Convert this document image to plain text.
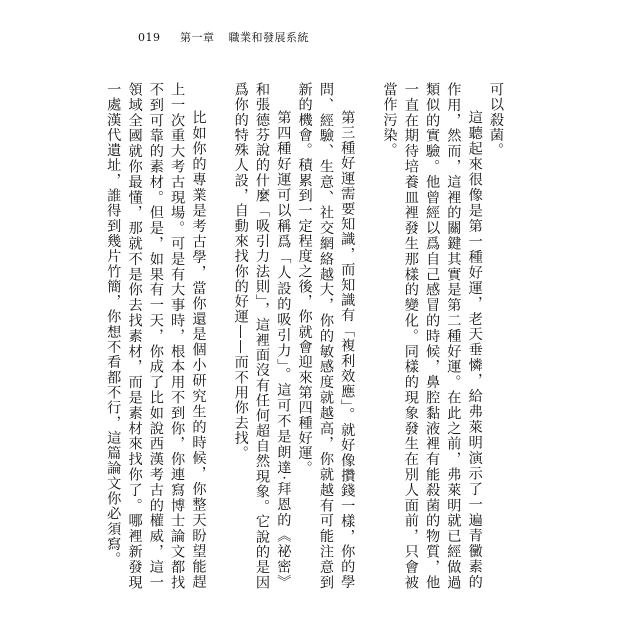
019 第一章 職業和發展系統

可以殺菌。

這聽起來很像是第一種好運，老天垂憐，給弗萊明演示了一遍青黴素的作用，然而，這裡的關鍵其實是第二種好運。在此之前，弗萊明就已經做過類似的實驗。他曾經以爲自己感冒的時候，鼻腔黏液裡有能殺菌的物質，他一直在期待培養皿裡發生那樣的變化。同樣的現象發生在別人面前，只會被當作污染。

第三種好運需要知識，而知識有「複利效應」。就好像攢錢一樣，你的學問、經驗、生意、社交網絡越大，你的敏感度就越高，你就越有可能注意到新的機會。積累到一定程度之後，你就會迎來第四種好運。

第四種好運可以稱爲「人設的吸引力」。這可不是朗達·拜恩的《祕密》和張德芬說的什麼「吸引力法則」，這裡面沒有任何超自然現象。它說的是因爲你的特殊人設，自動來找你的好運——而不用你去找。

比如你的專業是考古學，當你還是個小研究生的時候，你整天盼望能趕上一次重大考古現場。可是有大事時，根本用不到你，你連寫博士論文都找不到可靠的素材。但是，如果有一天，你成了比如說西漢考古的權威，這一領域全國就你最懂，那就不是你去找素材，而是素材來找你了。哪裡新發現一處漢代遺址，誰得到幾片竹簡，你想不看都不行，這篇論文你必須寫。
